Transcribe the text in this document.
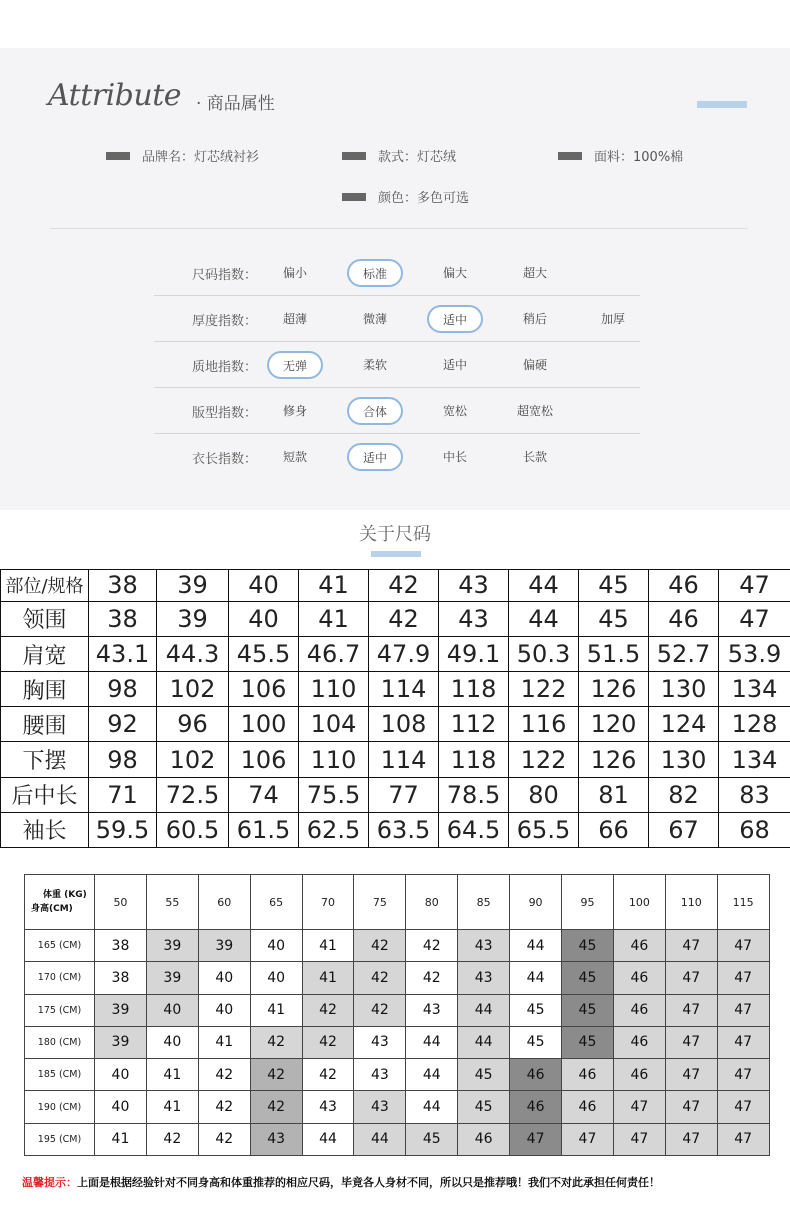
Attribute · 商品属性
品牌名：灯芯绒衬衫	款式：灯芯绒	面料：100%棉
颜色：多色可选
尺码指数：	偏小	标准	偏大	超大
厚度指数：	超薄	微薄	适中	稍后	加厚
质地指数：	无弹	柔软	适中	偏硬
版型指数：	修身	合体	宽松	超宽松
衣长指数：	短款	适中	中长	长款
关于尺码
部位/规格	38	39	40	41	42	43	44	45	46	47
领围	38	39	40	41	42	43	44	45	46	47
肩宽	43.1	44.3	45.5	46.7	47.9	49.1	50.3	51.5	52.7	53.9
胸围	98	102	106	110	114	118	122	126	130	134
腰围	92	96	100	104	108	112	116	120	124	128
下摆	98	102	106	110	114	118	122	126	130	134
后中长	71	72.5	74	75.5	77	78.5	80	81	82	83
袖长	59.5	60.5	61.5	62.5	63.5	64.5	65.5	66	67	68
体重 (KG)
身高(CM)	50	55	60	65	70	75	80	85	90	95	100	110	115
165 (CM)	38	39	39	40	41	42	42	43	44	45	46	47	47
170 (CM)	38	39	40	40	41	42	42	43	44	45	46	47	47
175 (CM)	39	40	40	41	42	42	43	44	45	45	46	47	47
180 (CM)	39	40	41	42	42	43	44	44	45	45	46	47	47
185 (CM)	40	41	42	42	42	43	44	45	46	46	46	47	47
190 (CM)	40	41	42	42	43	43	44	45	46	46	47	47	47
195 (CM)	41	42	42	43	44	44	45	46	47	47	47	47	47
温馨提示：上面是根据经验针对不同身高和体重推荐的相应尺码，毕竟各人身材不同，所以只是推荐哦！我们不对此承担任何责任！
